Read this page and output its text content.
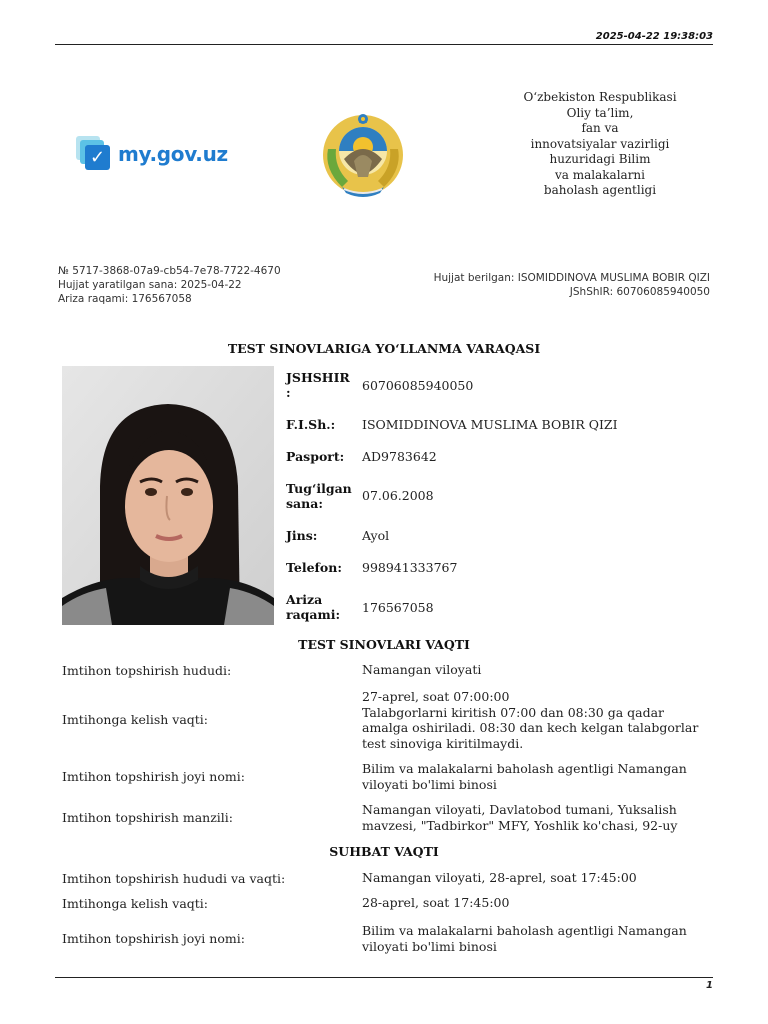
2025-04-22 19:38:03
✓ my.gov.uz
O‘zbekiston Respublikasi
Oliy ta’lim,
fan va
innovatsiyalar vazirligi
huzuridagi Bilim
va malakalarni
baholash agentligi
№ 5717-3868-07a9-cb54-7e78-7722-4670
Hujjat yaratilgan sana: 2025-04-22
Ariza raqami: 176567058
Hujjat berilgan: ISOMIDDINOVA MUSLIMA BOBIR QIZI
JShShIR: 60706085940050
TEST SINOVLARIGA YO‘LLANMA VARAQASI
JSHSHIR :	60706085940050
F.I.Sh.:	ISOMIDDINOVA MUSLIMA BOBIR QIZI
Pasport:	AD9783642
Tug‘ilgan sana:
07.06.2008
Jins:	Ayol
Telefon:	998941333767
Ariza raqami:	176567058
TEST SINOVLARI VAQTI
Imtihon topshirish hududi:	Namangan viloyati
Imtihonga kelish vaqti:
27-aprel, soat 07:00:00
Talabgorlarni kiritish 07:00 dan 08:30 ga qadar amalga oshiriladi. 08:30 dan kech kelgan talabgorlar test sinoviga kiritilmaydi.
Imtihon topshirish joyi nomi:
Bilim va malakalarni baholash agentligi Namangan viloyati bo'limi binosi
Imtihon topshirish manzili:
Namangan viloyati, Davlatobod tumani, Yuksalish mavzesi, "Tadbirkor" MFY, Yoshlik ko'chasi, 92-uy
SUHBAT VAQTI
Imtihon topshirish hududi va vaqti:	Namangan viloyati, 28-aprel, soat 17:45:00
Imtihonga kelish vaqti:	28-aprel, soat 17:45:00
Imtihon topshirish joyi nomi:
Bilim va malakalarni baholash agentligi Namangan viloyati bo'limi binosi
1
